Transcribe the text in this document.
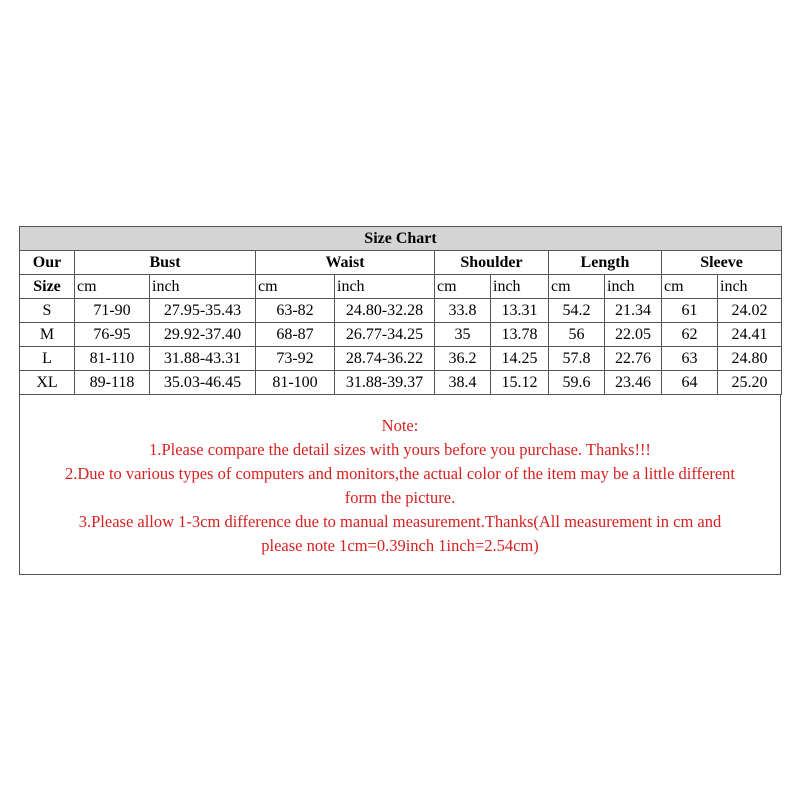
Size Chart										
Our	Bust		Waist		Shoulder		Length		Sleeve	
Size	cm	inch	cm	inch	cm	inch	cm	inch	cm	inch
S	71-90	27.95-35.43	63-82	24.80-32.28	33.8	13.31	54.2	21.34	61	24.02
M	76-95	29.92-37.40	68-87	26.77-34.25	35	13.78	56	22.05	62	24.41
L	81-110	31.88-43.31	73-92	28.74-36.22	36.2	14.25	57.8	22.76	63	24.80
XL	89-118	35.03-46.45	81-100	31.88-39.37	38.4	15.12	59.6	23.46	64	25.20
Note:
1.Please compare the detail sizes with yours before you purchase. Thanks!!!
2.Due to various types of computers and monitors,the actual color of the item may be a little different
form the picture.
3.Please allow 1-3cm difference due to manual measurement.Thanks(All measurement in cm and
please note 1cm=0.39inch 1inch=2.54cm)
